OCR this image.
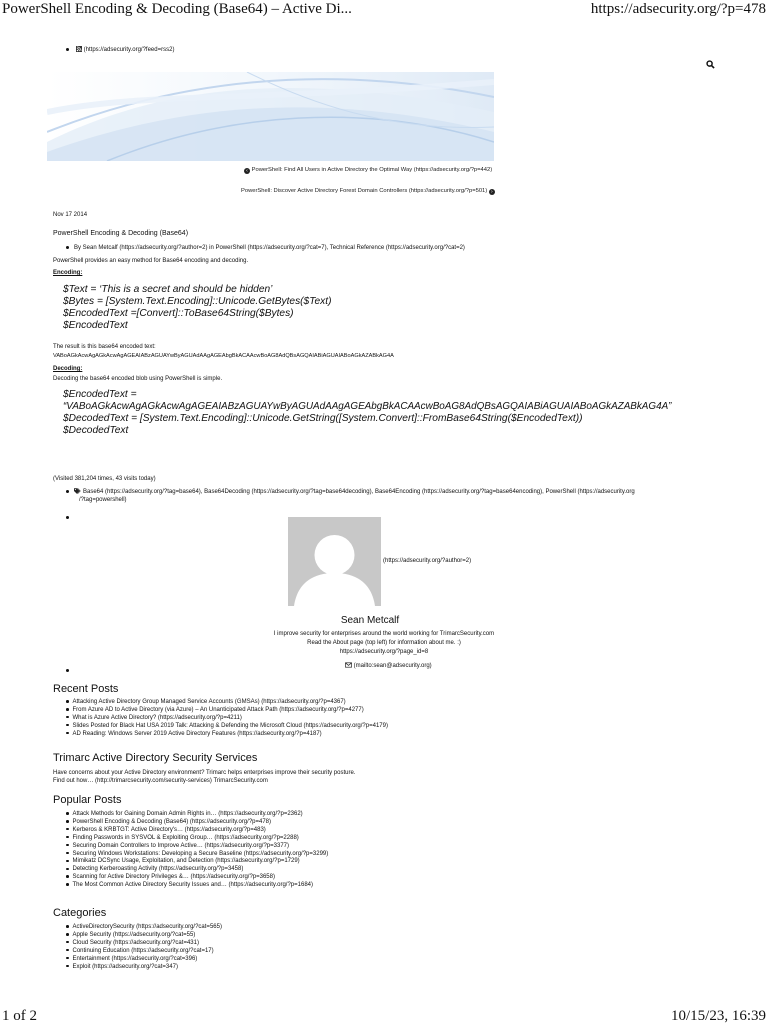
PowerShell Encoding & Decoding (Base64) – Active Di...	https://adsecurity.org/?p=478
(https://adsecurity.org/?feed=rss2)
‹ PowerShell: Find All Users in Active Directory the Optimal Way (https://adsecurity.org/?p=442)
PowerShell: Discover Active Directory Forest Domain Controllers (https://adsecurity.org/?p=501) ›
Nov 17 2014
PowerShell Encoding & Decoding (Base64)
By Sean Metcalf (https://adsecurity.org/?author=2) in PowerShell (https://adsecurity.org/?cat=7), Technical Reference (https://adsecurity.org/?cat=2)
PowerShell provides an easy method for Base64 encoding and decoding.
Encoding:
$Text = ‘This is a secret and should be hidden’
$Bytes = [System.Text.Encoding]::Unicode.GetBytes($Text)
$EncodedText =[Convert]::ToBase64String($Bytes)
$EncodedText
The result is this base64 encoded text:
VABoAGkAcwAgAGkAcwAgAGEAIABzAGUAYwByAGUAdAAgAGEAbgBkACAAcwBoAG8AdQBsAGQAIABiAGUAIABoAGkAZABkAG4A
Decoding:
Decoding the base64 encoded blob using PowerShell is simple.
$EncodedText =
“VABoAGkAcwAgAGkAcwAgAGEAIABzAGUAYwByAGUAdAAgAGEAbgBkACAAcwBoAG8AdQBsAGQAIABiAGUAIABoAGkAZABkAG4A”
$DecodedText = [System.Text.Encoding]::Unicode.GetString([System.Convert]::FromBase64String($EncodedText))
$DecodedText
(Visited 381,204 times, 43 visits today)
Base64 (https://adsecurity.org/?tag=base64), Base64Decoding (https://adsecurity.org/?tag=base64decoding), Base64Encoding (https://adsecurity.org/?tag=base64encoding), PowerShell (https://adsecurity.org
/?tag=powershell)
(https://adsecurity.org/?author=2)
Sean Metcalf
I improve security for enterprises around the world working for TrimarcSecurity.com
Read the About page (top left) for information about me. :)
https://adsecurity.org/?page_id=8
(mailto:sean@adsecurity.org)
Recent Posts
Attacking Active Directory Group Managed Service Accounts (GMSAs) (https://adsecurity.org/?p=4367)
From Azure AD to Active Directory (via Azure) – An Unanticipated Attack Path (https://adsecurity.org/?p=4277)
What is Azure Active Directory? (https://adsecurity.org/?p=4211)
Slides Posted for Black Hat USA 2019 Talk: Attacking & Defending the Microsoft Cloud (https://adsecurity.org/?p=4179)
AD Reading: Windows Server 2019 Active Directory Features (https://adsecurity.org/?p=4187)
Trimarc Active Directory Security Services
Have concerns about your Active Directory environment? Trimarc helps enterprises improve their security posture.
Find out how… (http://trimarcsecurity.com/security-services) TrimarcSecurity.com
Popular Posts
Attack Methods for Gaining Domain Admin Rights in… (https://adsecurity.org/?p=2362)
PowerShell Encoding & Decoding (Base64) (https://adsecurity.org/?p=478)
Kerberos & KRBTGT: Active Directory's… (https://adsecurity.org/?p=483)
Finding Passwords in SYSVOL & Exploiting Group… (https://adsecurity.org/?p=2288)
Securing Domain Controllers to Improve Active… (https://adsecurity.org/?p=3377)
Securing Windows Workstations: Developing a Secure Baseline (https://adsecurity.org/?p=3299)
Mimikatz DCSync Usage, Exploitation, and Detection (https://adsecurity.org/?p=1729)
Detecting Kerberoasting Activity (https://adsecurity.org/?p=3458)
Scanning for Active Directory Privileges &… (https://adsecurity.org/?p=3658)
The Most Common Active Directory Security Issues and… (https://adsecurity.org/?p=1684)
Categories
ActiveDirectorySecurity (https://adsecurity.org/?cat=565)
Apple Security (https://adsecurity.org/?cat=55)
Cloud Security (https://adsecurity.org/?cat=431)
Continuing Education (https://adsecurity.org/?cat=17)
Entertainment (https://adsecurity.org/?cat=396)
Exploit (https://adsecurity.org/?cat=347)
1 of 2	10/15/23, 16:39
